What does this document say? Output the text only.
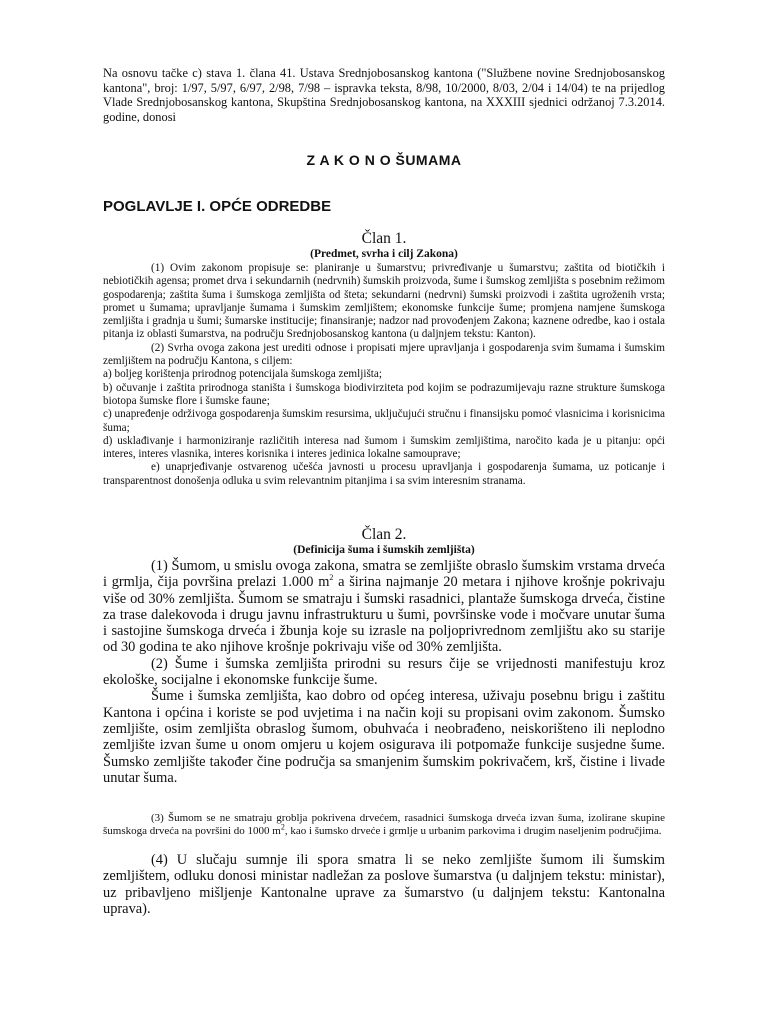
Na osnovu tačke c) stava 1. člana 41. Ustava Srednjobosanskog kantona ("Službene novine Srednjobosanskog kantona", broj: 1/97, 5/97, 6/97, 2/98, 7/98 – ispravka teksta, 8/98, 10/2000, 8/03, 2/04 i 14/04) te na prijedlog Vlade Srednjobosanskog kantona, Skupština Srednjobosanskog kantona, na XXXIII sjednici održanoj 7.3.2014. godine, donosi
Z A K O N O ŠUMAMA
POGLAVLJE I. OPĆE ODREDBE
Član 1.
(Predmet, svrha i cilj Zakona)

(1) Ovim zakonom propisuje se: planiranje u šumarstvu; privređivanje u šumarstvu; zaštita od biotičkih i nebiotičkih agensa; promet drva i sekundarnih (nedrvnih) šumskih proizvoda, šume i šumskog zemljišta s posebnim režimom gospodarenja; zaštita šuma i šumskoga zemljišta od šteta; sekundarni (nedrvni) šumski proizvodi i zaštita ugroženih vrsta; promet u šumama; upravljanje šumama i šumskim zemljištem; ekonomske funkcije šume; promjena namjene šumskoga zemljišta i gradnja u šumi; šumarske institucije; finansiranje; nadzor nad provođenjem Zakona; kaznene odredbe, kao i ostala pitanja iz oblasti šumarstva, na području Srednjobosanskog kantona (u daljnjem tekstu: Kanton).

(2) Svrha ovoga zakona jest urediti odnose i propisati mjere upravljanja i gospodarenja svim šumama i šumskim zemljištem na području Kantona, s ciljem:

a) boljeg korištenja prirodnog potencijala šumskoga zemljišta;

b) očuvanje i zaštita prirodnoga staništa i šumskoga biodivirziteta pod kojim se podrazumijevaju razne strukture šumskoga biotopa šumske flore i šumske faune;

c) unapređenje održivoga gospodarenja šumskim resursima, uključujući stručnu i finansijsku pomoć vlasnicima i korisnicima šuma;

d) usklađivanje i harmoniziranje različitih interesa nad šumom i šumskim zemljištima, naročito kada je u pitanju: opći interes, interes vlasnika, interes korisnika i interes jedinica lokalne samouprave;

e) unaprjeđivanje ostvarenog učešća javnosti u procesu upravljanja i gospodarenja šumama, uz poticanje i transparentnost donošenja odluka u svim relevantnim pitanjima i sa svim interesnim stranama.

Član 2.
(Definicija šuma i šumskih zemljišta)

(1) Šumom, u smislu ovoga zakona, smatra se zemljište obraslo šumskim vrstama drveća i grmlja, čija površina prelazi 1.000 $m^2$ a širina najmanje 20 metara i njihove krošnje pokrivaju više od 30% zemljišta. Šumom se smatraju i šumski rasadnici, plantaže šumskoga drveća, čistine za trase dalekovoda i drugu javnu infrastrukturu u šumi, površinske vode i močvare unutar šuma i sastojine šumskoga drveća i žbunja koje su izrasle na poljoprivrednom zemljištu ako su starije od 30 godina te ako njihove krošnje pokrivaju više od 30% zemljišta.

(2) Šume i šumska zemljišta prirodni su resurs čije se vrijednosti manifestuju kroz ekološke, socijalne i ekonomske funkcije šume.

Šume i šumska zemljišta, kao dobro od općeg interesa, uživaju posebnu brigu i zaštitu Kantona i općina i koriste se pod uvjetima i na način koji su propisani ovim zakonom. Šumsko zemljište, osim zemljišta obraslog šumom, obuhvaća i neobrađeno, neiskorišteno ili neplodno zemljište izvan šume u onom omjeru u kojem osigurava ili potpomaže funkcije susjedne šume. Šumsko zemljište također čine područja sa smanjenim šumskim pokrivačem, krš, čistine i livade unutar šuma.

(3) Šumom se ne smatraju groblja pokrivena drvećem, rasadnici šumskoga drveća izvan šuma, izolirane skupine šumskoga drveća na površini do 1000 $m^2$, kao i šumsko drveće i grmlje u urbanim parkovima i drugim naseljenim područjima.

(4) U slučaju sumnje ili spora smatra li se neko zemljište šumom ili šumskim zemljištem, odluku donosi ministar nadležan za poslove šumarstva (u daljnjem tekstu: ministar), uz pribavljeno mišljenje Kantonalne uprave za šumarstvo (u daljnjem tekstu: Kantonalna uprava).
